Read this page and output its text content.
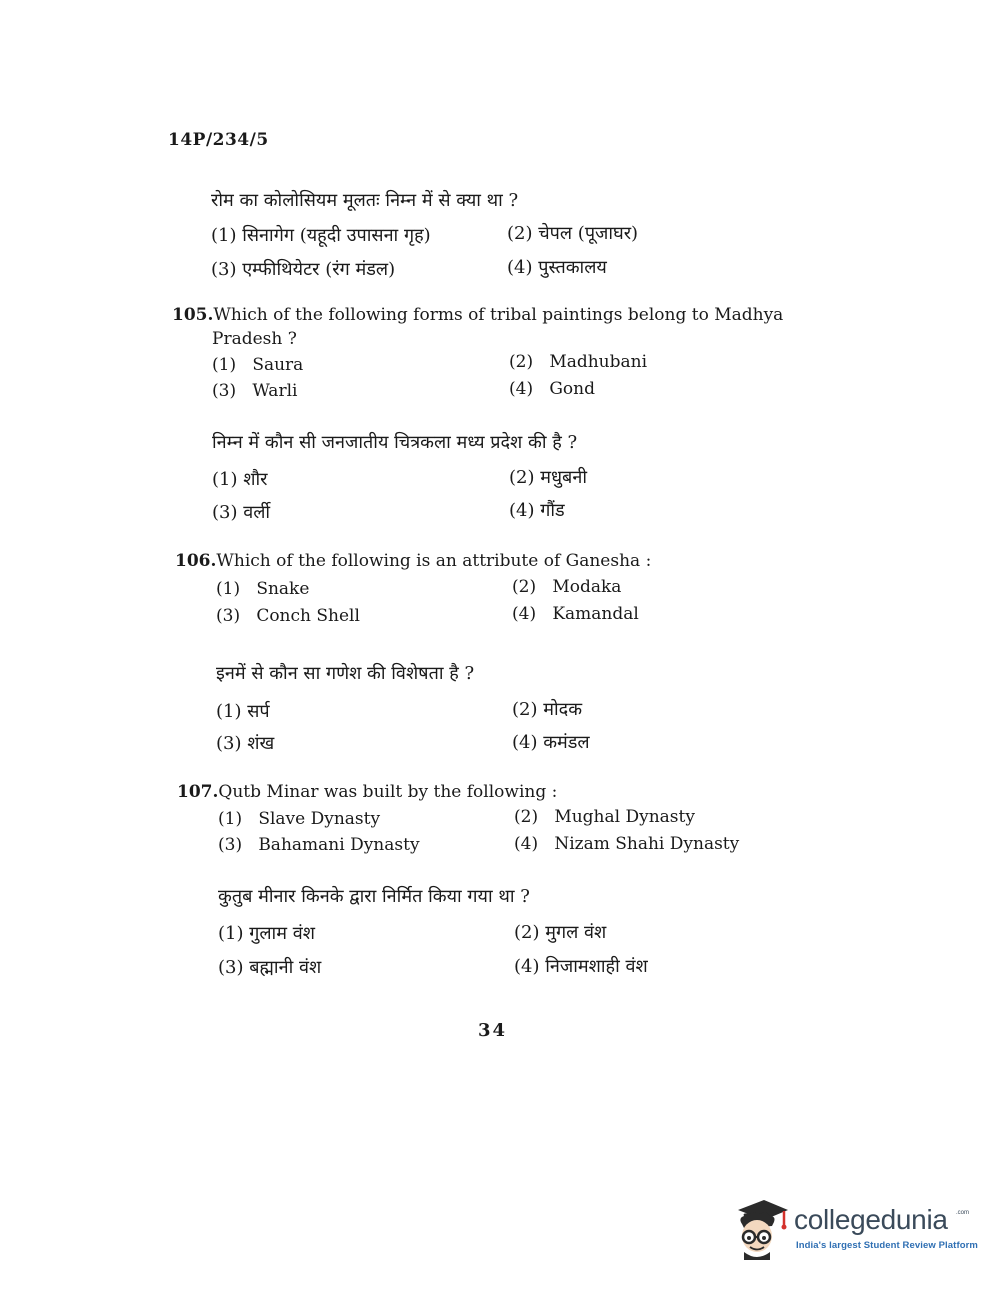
14P/234/5
रोम का कोलोसियम मूलतः निम्न में से क्या था ?
(1) सिनागेग (यहूदी उपासना गृह)	(2) चेपल (पूजाघर)
(3) एम्फीथियेटर (रंग मंडल)	(4) पुस्तकालय
105.Which of the following forms of tribal paintings belong to Madhya
Pradesh ?
(1) Saura	(2) Madhubani
(3) Warli	(4) Gond
निम्न में कौन सी जनजातीय चित्रकला मध्य प्रदेश की है ?
(1) शौर	(2) मधुबनी
(3) वर्ली	(4) गौंड
106.Which of the following is an attribute of Ganesha :
(1) Snake	(2) Modaka
(3) Conch Shell	(4) Kamandal
इनमें से कौन सा गणेश की विशेषता है ?
(1) सर्प	(2) मोदक
(3) शंख	(4) कमंडल
107.Qutb Minar was built by the following :
(1) Slave Dynasty	(2) Mughal Dynasty
(3) Bahamani Dynasty	(4) Nizam Shahi Dynasty
कुतुब मीनार किनके द्वारा निर्मित किया गया था ?
(1) गुलाम वंश	(2) मुगल वंश
(3) बह्मानी वंश	(4) निजामशाही वंश
34
collegedunia .com
India's largest Student Review Platform
